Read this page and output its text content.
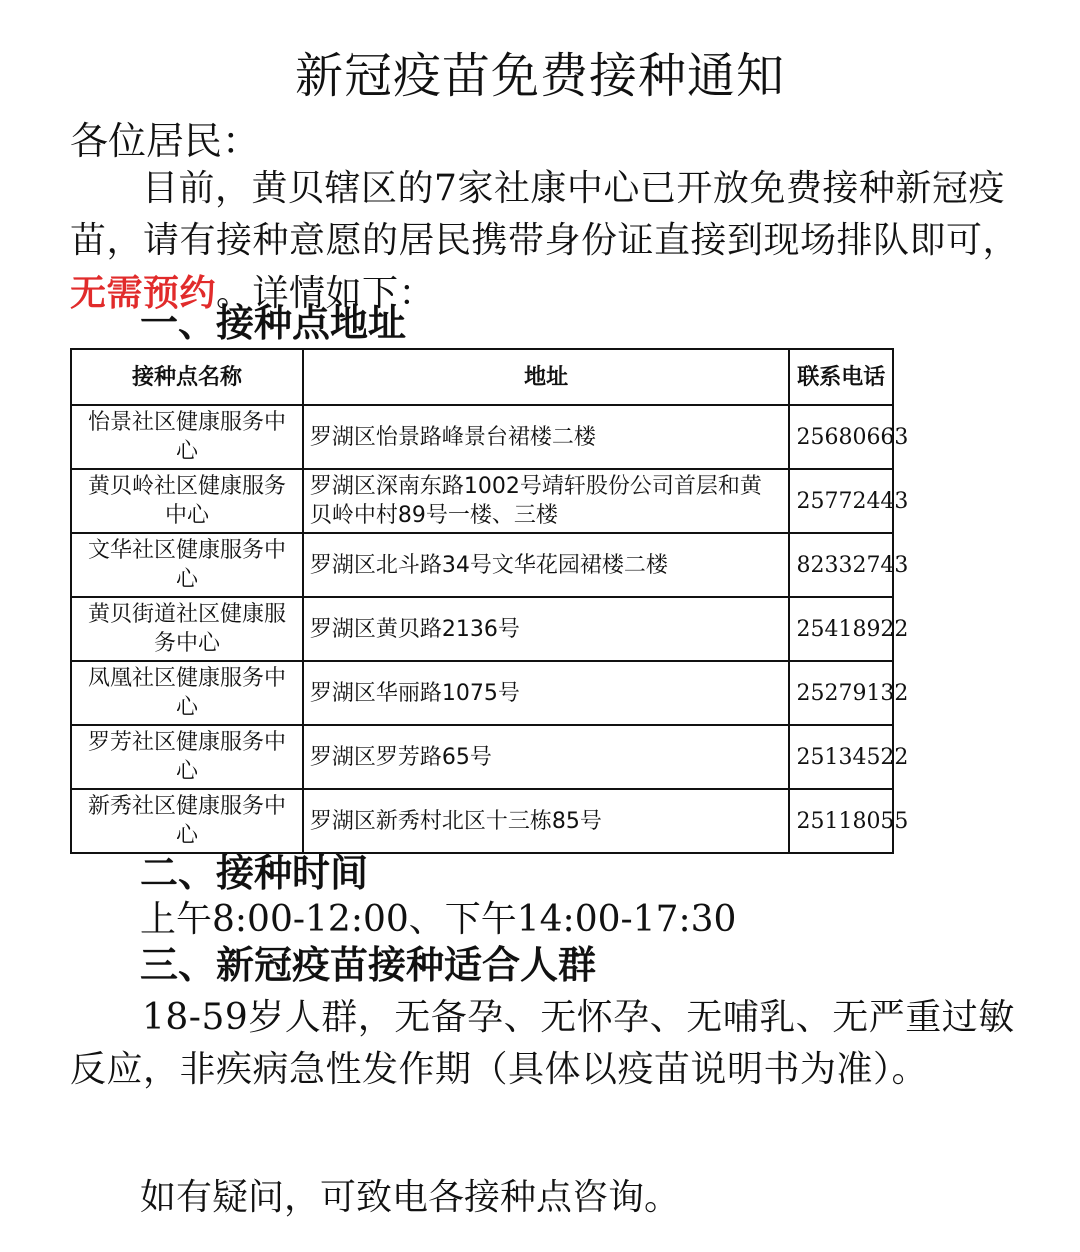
新冠疫苗免费接种通知
各位居民：
目前，黄贝辖区的7家社康中心已开放免费接种新冠疫苗，请有接种意愿的居民携带身份证直接到现场排队即可，无需预约。详情如下：
一、接种点地址
接种点名称	地址	联系电话
怡景社区健康服务中心	罗湖区怡景路峰景台裙楼二楼	25680663
黄贝岭社区健康服务中心	罗湖区深南东路1002号靖轩股份公司首层和黄贝岭中村89号一楼、三楼	25772443
文华社区健康服务中心	罗湖区北斗路34号文华花园裙楼二楼	82332743
黄贝街道社区健康服务中心	罗湖区黄贝路2136号	25418922
凤凰社区健康服务中心	罗湖区华丽路1075号	25279132
罗芳社区健康服务中心	罗湖区罗芳路65号	25134522
新秀社区健康服务中心	罗湖区新秀村北区十三栋85号	25118055
二、接种时间
上午8:00-12:00、下午14:00-17:30
三、新冠疫苗接种适合人群
18-59岁人群，无备孕、无怀孕、无哺乳、无严重过敏反应，非疾病急性发作期（具体以疫苗说明书为准）。
如有疑问，可致电各接种点咨询。
